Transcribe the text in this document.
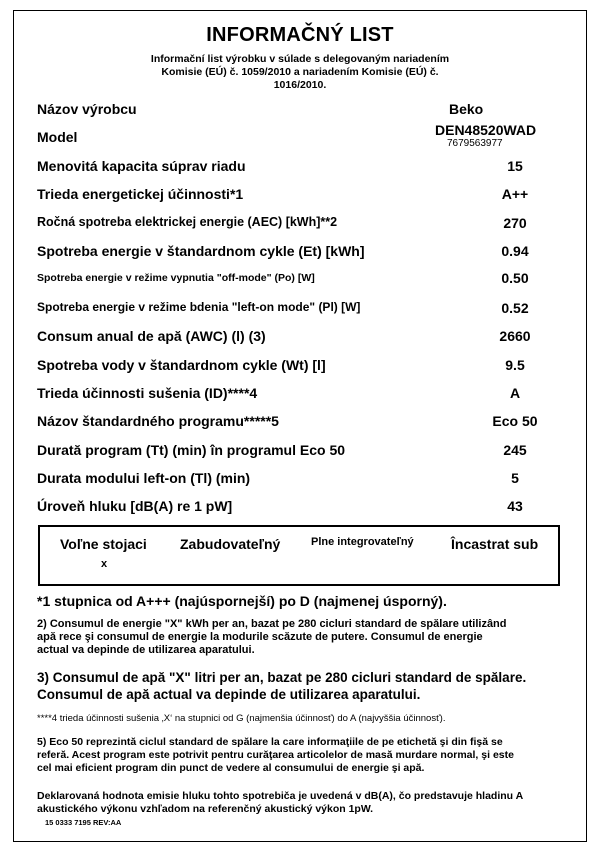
INFORMAČNÝ LIST
Informační list výrobku v súlade s delegovaným nariadením
Komisie (EÚ) č. 1059/2010 a nariadením Komisie (EÚ) č.
1016/2010.
Názov výrobcu	Beko
Model	DEN48520WAD
7679563977
Menovitá kapacita súprav riadu	15
Trieda energetickej účinnosti*1	A++
Ročná spotreba elektrickej energie (AEC) [kWh]**2	270
Spotreba energie v štandardnom cykle (Et) [kWh]	0.94
Spotreba energie v režime vypnutia "off-mode" (Po) [W]	0.50
Spotreba energie v režime bdenia "left-on mode" (Pl) [W]	0.52
Consum anual de apă (AWC) (l) (3)	2660
Spotreba vody v štandardnom cykle (Wt) [l]	9.5
Trieda účinnosti sušenia (ID)****4	A
Názov štandardného programu*****5	Eco 50
Durată program (Tt) (min) în programul Eco 50	245
Durata modului left-on (Tl) (min)	5
Úroveň hluku [dB(A) re 1 pW]	43
Voľne stojaci
x
Zabudovateľný	Plne integrovateľný	Încastrat sub
*1 stupnica od A+++ (najúspornejší) po D (najmenej úsporný).
2) Consumul de energie "X" kWh per an, bazat pe 280 cicluri standard de spălare utilizând
apă rece şi consumul de energie la modurile scăzute de putere. Consumul de energie
actual va depinde de utilizarea aparatului.
3) Consumul de apă "X" litri per an, bazat pe 280 cicluri standard de spălare.
Consumul de apă actual va depinde de utilizarea aparatului.
****4 trieda účinnosti sušenia ‚X‘ na stupnici od G (najmenšia účinnosť) do A (najvyššia účinnosť).
5) Eco 50 reprezintă ciclul standard de spălare la care informaţiile de pe etichetă şi din fişă se
referă. Acest program este potrivit pentru curăţarea articolelor de masă murdare normal, şi este
cel mai eficient program din punct de vedere al consumului de energie şi apă.
Deklarovaná hodnota emisie hluku tohto spotrebiča je uvedená v dB(A), čo predstavuje hladinu A
akustického výkonu vzhľadom na referenčný akustický výkon 1pW.
15 0333 7195 REV:AA
